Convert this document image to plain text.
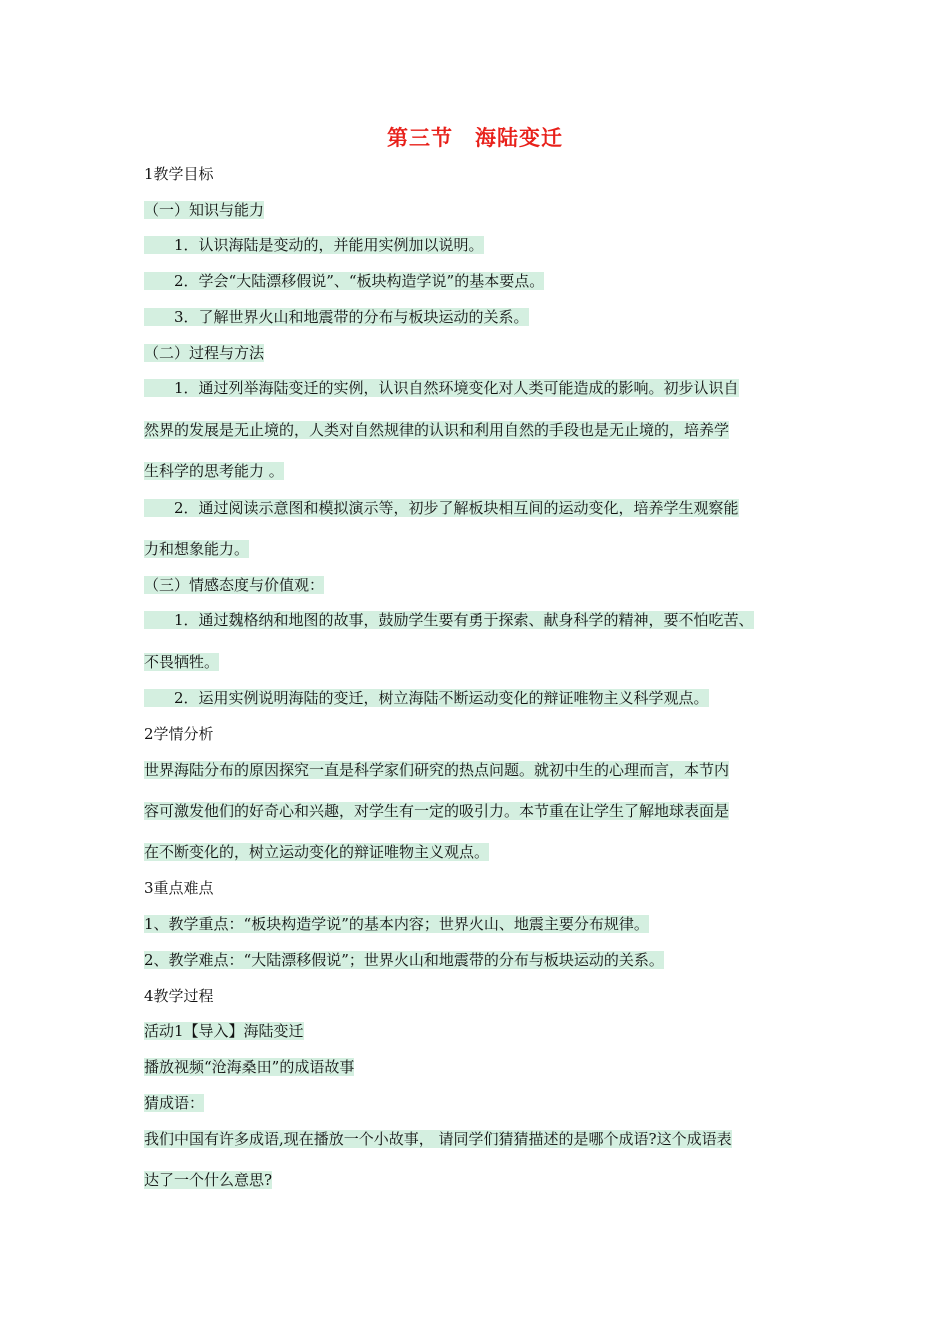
第三节　海陆变迁
1教学目标
（一）知识与能力
1．认识海陆是变动的，并能用实例加以说明。
2．学会“大陆漂移假说”、“板块构造学说”的基本要点。
3．了解世界火山和地震带的分布与板块运动的关系。
（二）过程与方法
1．通过列举海陆变迁的实例，认识自然环境变化对人类可能造成的影响。初步认识自
然界的发展是无止境的，人类对自然规律的认识和利用自然的手段也是无止境的，培养学
生科学的思考能力 。
2．通过阅读示意图和模拟演示等，初步了解板块相互间的运动变化，培养学生观察能
力和想象能力。
（三）情感态度与价值观：
1．通过魏格纳和地图的故事，鼓励学生要有勇于探索、献身科学的精神，要不怕吃苦、
不畏牺牲。
2．运用实例说明海陆的变迁，树立海陆不断运动变化的辩证唯物主义科学观点。
2学情分析
世界海陆分布的原因探究一直是科学家们研究的热点问题。就初中生的心理而言，本节内
容可激发他们的好奇心和兴趣，对学生有一定的吸引力。本节重在让学生了解地球表面是
在不断变化的，树立运动变化的辩证唯物主义观点。
3重点难点
1、教学重点：“板块构造学说”的基本内容；世界火山、地震主要分布规律。
2、教学难点：“大陆漂移假说”；世界火山和地震带的分布与板块运动的关系。
4教学过程
活动1【导入】海陆变迁
播放视频“沧海桑田”的成语故事
猜成语：
我们中国有许多成语,现在播放一个小故事， 请同学们猜猜描述的是哪个成语?这个成语表
达了一个什么意思?
